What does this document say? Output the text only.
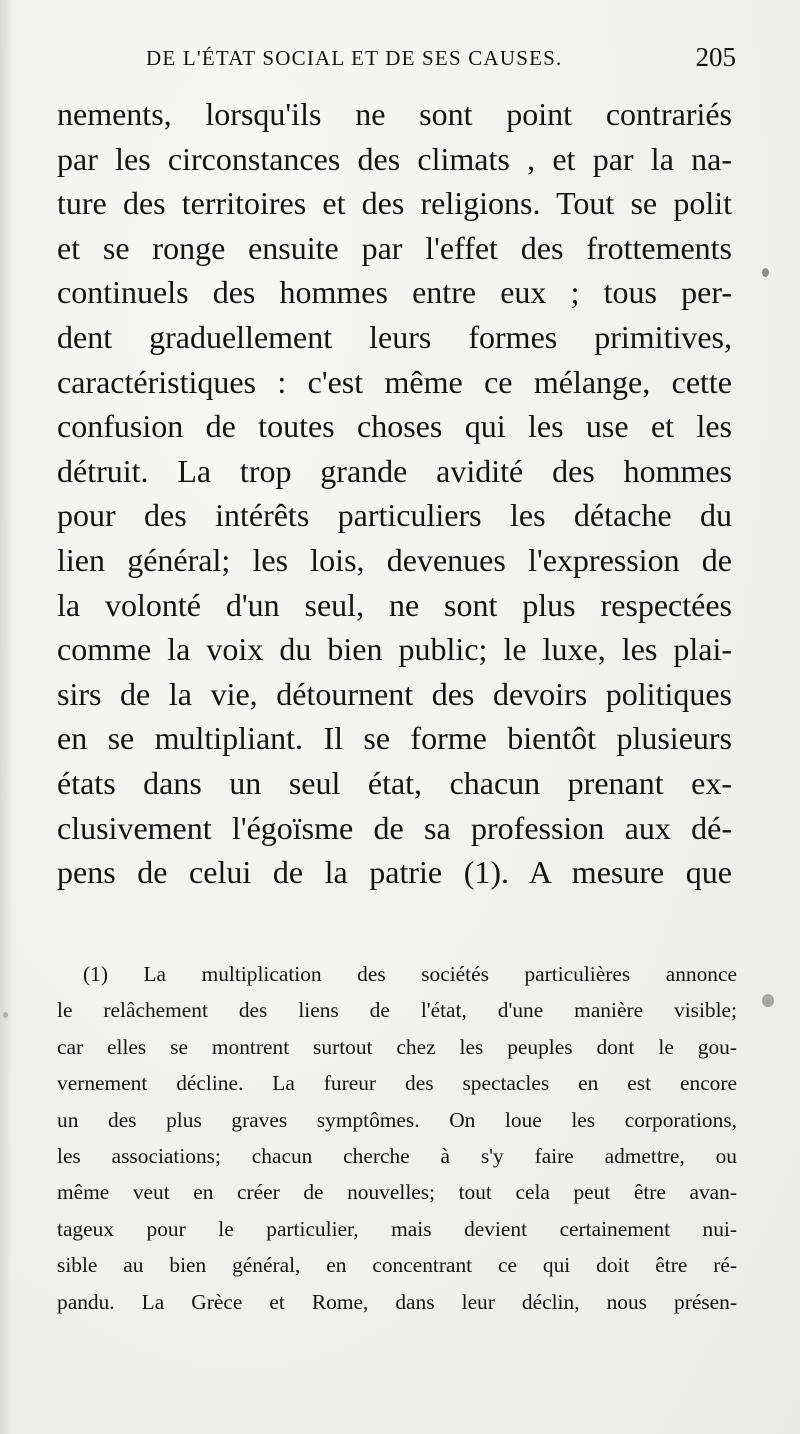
DE L'ÉTAT SOCIAL ET DE SES CAUSES.	205
nements, lorsqu'ils ne sont point contrariés
par les circonstances des climats , et par la na-
ture des territoires et des religions. Tout se polit
et se ronge ensuite par l'effet des frottements
continuels des hommes entre eux ; tous per-
dent graduellement leurs formes primitives,
caractéristiques : c'est même ce mélange, cette
confusion de toutes choses qui les use et les
détruit. La trop grande avidité des hommes
pour des intérêts particuliers les détache du
lien général; les lois, devenues l'expression de
la volonté d'un seul, ne sont plus respectées
comme la voix du bien public; le luxe, les plai-
sirs de la vie, détournent des devoirs politiques
en se multipliant. Il se forme bientôt plusieurs
états dans un seul état, chacun prenant ex-
clusivement l'égoïsme de sa profession aux dé-
pens de celui de la patrie (1). A mesure que
(1) La multiplication des sociétés particulières annonce
le relâchement des liens de l'état, d'une manière visible;
car elles se montrent surtout chez les peuples dont le gou-
vernement décline. La fureur des spectacles en est encore
un des plus graves symptômes. On loue les corporations,
les associations; chacun cherche à s'y faire admettre, ou
même veut en créer de nouvelles; tout cela peut être avan-
tageux pour le particulier, mais devient certainement nui-
sible au bien général, en concentrant ce qui doit être ré-
pandu. La Grèce et Rome, dans leur déclin, nous présen-
